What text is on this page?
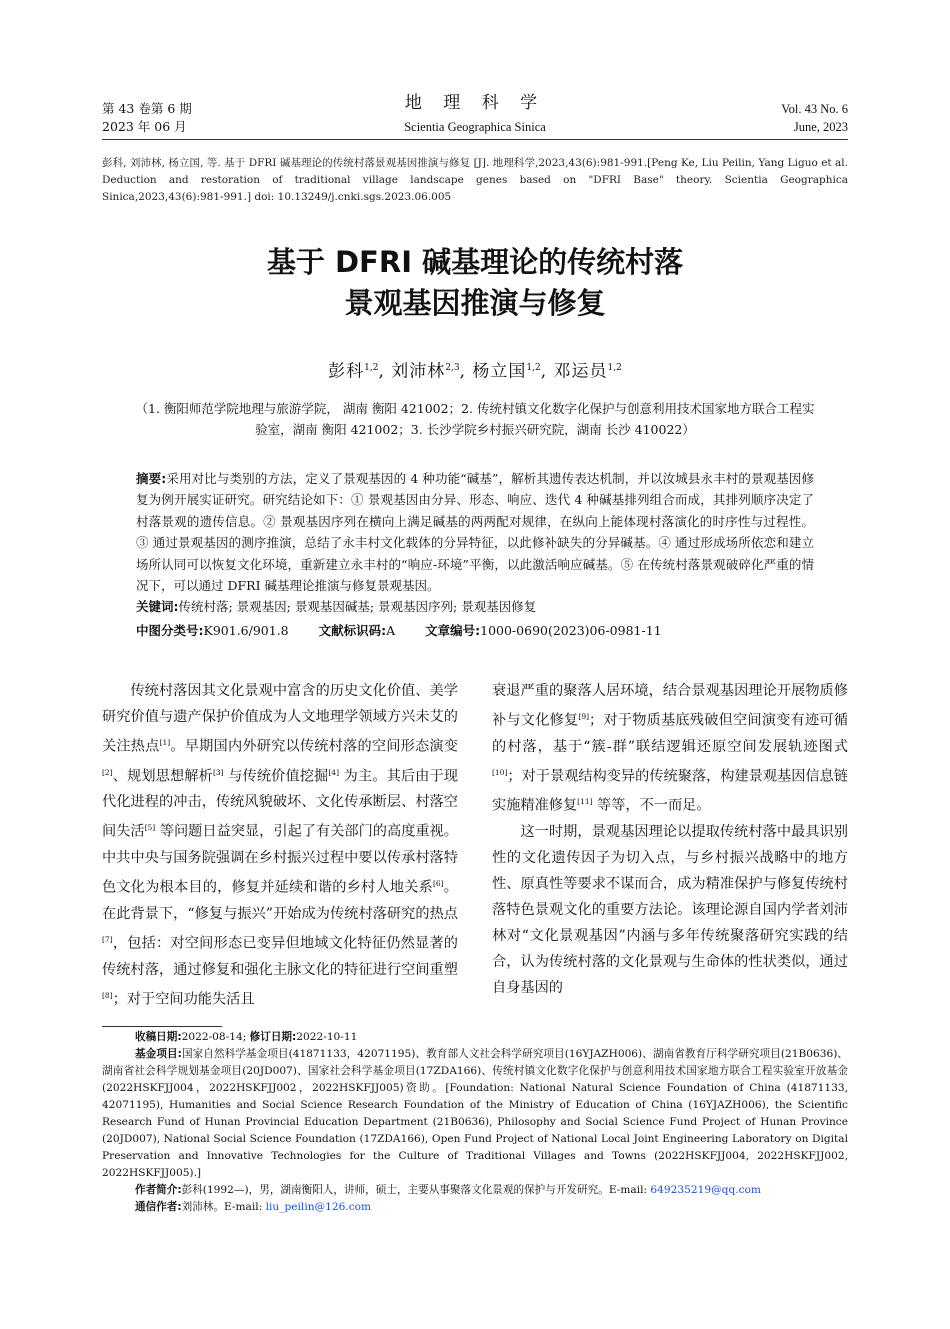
第 43 卷第 6 期
2023 年 06 月
地 理 科 学
Scientia Geographica Sinica
Vol. 43 No. 6
June, 2023
彭科, 刘沛林, 杨立国, 等. 基于 DFRI 碱基理论的传统村落景观基因推演与修复 [J]. 地理科学,2023,43(6):981-991.[Peng Ke, Liu Peilin, Yang Liguo et al. Deduction and restoration of traditional village landscape genes based on "DFRI Base" theory. Scientia Geographica Sinica,2023,43(6):981-991.] doi: 10.13249/j.cnki.sgs.2023.06.005
基于 DFRI 碱基理论的传统村落
景观基因推演与修复
彭科$^{1,2}$, 刘沛林$^{2,3}$, 杨立国$^{1,2}$, 邓运员$^{1,2}$
（1. 衡阳师范学院地理与旅游学院， 湖南 衡阳 421002；2. 传统村镇文化数字化保护与创意利用技术国家地方联合工程实
验室，湖南 衡阳 421002；3. 长沙学院乡村振兴研究院，湖南 长沙 410022）
摘要:采用对比与类别的方法，定义了景观基因的 4 种功能“碱基”，解析其遗传表达机制，并以汝城县永丰村的景观基因修复为例开展实证研究。研究结论如下：① 景观基因由分异、形态、响应、迭代 4 种碱基排列组合而成，其排列顺序决定了村落景观的遗传信息。② 景观基因序列在横向上满足碱基的两两配对规律，在纵向上能体现村落演化的时序性与过程性。③ 通过景观基因的测序推演，总结了永丰村文化载体的分异特征，以此修补缺失的分异碱基。④ 通过形成场所依恋和建立场所认同可以恢复文化环境，重新建立永丰村的“响应-环境”平衡，以此激活响应碱基。⑤ 在传统村落景观破碎化严重的情况下，可以通过 DFRI 碱基理论推演与修复景观基因。
关键词:传统村落; 景观基因; 景观基因碱基; 景观基因序列; 景观基因修复
中图分类号:K901.6/901.8 文献标识码:A 文章编号:1000-0690(2023)06-0981-11

传统村落因其文化景观中富含的历史文化价值、美学研究价值与遗产保护价值成为人文地理学领域方兴未艾的关注热点[1]。早期国内外研究以传统村落的空间形态演变[2]、规划思想解析[3] 与传统价值挖掘[4] 为主。其后由于现代化进程的冲击，传统风貌破坏、文化传承断层、村落空间失活[5] 等问题日益突显，引起了有关部门的高度重视。中共中央与国务院强调在乡村振兴过程中要以传承村落特色文化为根本目的，修复并延续和谐的乡村人地关系[6]。在此背景下，“修复与振兴”开始成为传统村落研究的热点[7]，包括：对空间形态已变异但地域文化特征仍然显著的传统村落，通过修复和强化主脉文化的特征进行空间重塑[8]；对于空间功能失活且

衰退严重的聚落人居环境，结合景观基因理论开展物质修补与文化修复[9]；对于物质基底残破但空间演变有迹可循的村落，基于“簇-群”联结逻辑还原空间发展轨迹图式[10]；对于景观结构变异的传统聚落，构建景观基因信息链实施精准修复[11] 等等，不一而足。

这一时期，景观基因理论以提取传统村落中最具识别性的文化遗传因子为切入点，与乡村振兴战略中的地方性、原真性等要求不谋而合，成为精准保护与修复传统村落特色景观文化的重要方法论。该理论源自国内学者刘沛林对“文化景观基因”内涵与多年传统聚落研究实践的结合，认为传统村落的文化景观与生命体的性状类似，通过自身基因的

收稿日期:2022-08-14; 修订日期:2022-10-11

基金项目:国家自然科学基金项目(41871133，42071195)、教育部人文社会科学研究项目(16YJAZH006)、湖南省教育厅科学研究项目(21B0636)、湖南省社会科学规划基金项目(20JD007)、国家社会科学基金项目(17ZDA166)、传统村镇文化数字化保护与创意利用技术国家地方联合工程实验室开放基金(2022HSKFJJ004，2022HSKFJJ002，2022HSKFJJ005)资助。[Foundation: National Natural Science Foundation of China (41871133, 42071195), Humanities and Social Science Research Foundation of the Ministry of Education of China (16YJAZH006), the Scientific Research Fund of Hunan Provincial Education Department (21B0636), Philosophy and Social Science Fund Project of Hunan Province (20JD007), National Social Science Foundation (17ZDA166), Open Fund Project of National Local Joint Engineering Laboratory on Digital Preservation and Innovative Technologies for the Culture of Traditional Villages and Towns (2022HSKFJJ004, 2022HSKFJJ002, 2022HSKFJJ005).]

作者简介:彭科(1992—)，男，湖南衡阳人，讲师，硕士，主要从事聚落文化景观的保护与开发研究。E-mail: 649235219@qq.com

通信作者:刘沛林。E-mail: liu_peilin@126.com
